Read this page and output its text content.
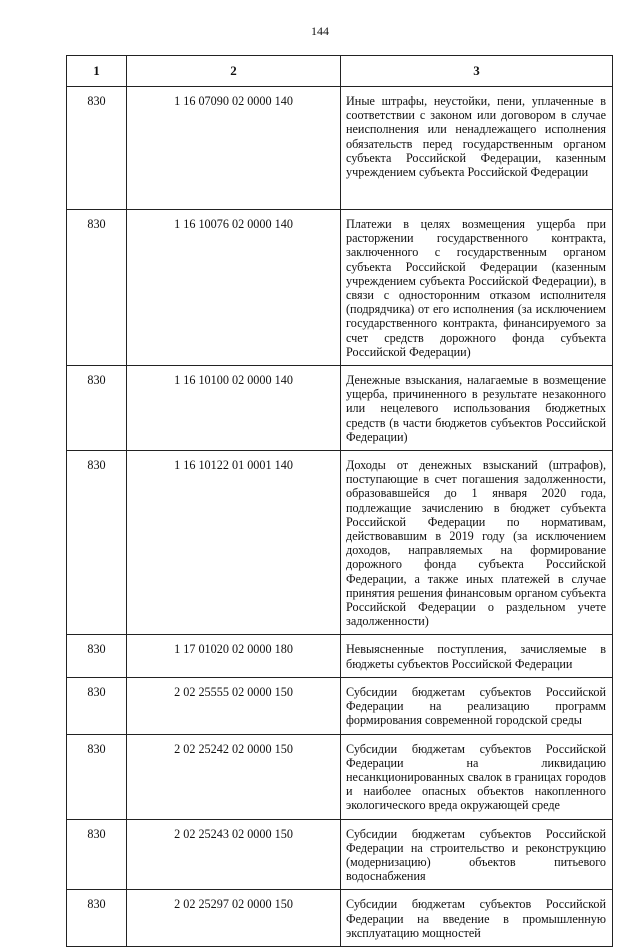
144
1	2	3
830	1 16 07090 02 0000 140	Иные штрафы, неустойки, пени, уплаченные в соответствии с законом или договором в случае неисполнения или ненадлежащего исполнения обязательств перед государственным органом субъекта Российской Федерации, казенным учреждением субъекта Российской Федерации
830	1 16 10076 02 0000 140	Платежи в целях возмещения ущерба при расторжении государственного контракта, заключенного с государственным органом субъекта Российской Федерации (казенным учреждением субъекта Российской Федерации), в связи с односторонним отказом исполнителя (подрядчика) от его исполнения (за исключением государственного контракта, финансируемого за счет средств дорожного фонда субъекта Российской Федерации)
830	1 16 10100 02 0000 140	Денежные взыскания, налагаемые в возмещение ущерба, причиненного в результате незаконного или нецелевого использования бюджетных средств (в части бюджетов субъектов Российской Федерации)
830	1 16 10122 01 0001 140	Доходы от денежных взысканий (штрафов), поступающие в счет погашения задолженности, образовавшейся до 1 января 2020 года, подлежащие зачислению в бюджет субъекта Российской Федерации по нормативам, действовавшим в 2019 году (за исключением доходов, направляемых на формирование дорожного фонда субъекта Российской Федерации, а также иных платежей в случае принятия решения финансовым органом субъекта Российской Федерации о раздельном учете задолженности)
830	1 17 01020 02 0000 180	Невыясненные поступления, зачисляемые в бюджеты субъектов Российской Федерации
830	2 02 25555 02 0000 150	Субсидии бюджетам субъектов Российской Федерации на реализацию программ формирования современной городской среды
830	2 02 25242 02 0000 150	Субсидии бюджетам субъектов Российской Федерации на ликвидацию несанкционированных свалок в границах городов и наиболее опасных объектов накопленного экологического вреда окружающей среде
830	2 02 25243 02 0000 150	Субсидии бюджетам субъектов Российской Федерации на строительство и реконструкцию (модернизацию) объектов питьевого водоснабжения
830	2 02 25297 02 0000 150	Субсидии бюджетам субъектов Российской Федерации на введение в промышленную эксплуатацию мощностей
